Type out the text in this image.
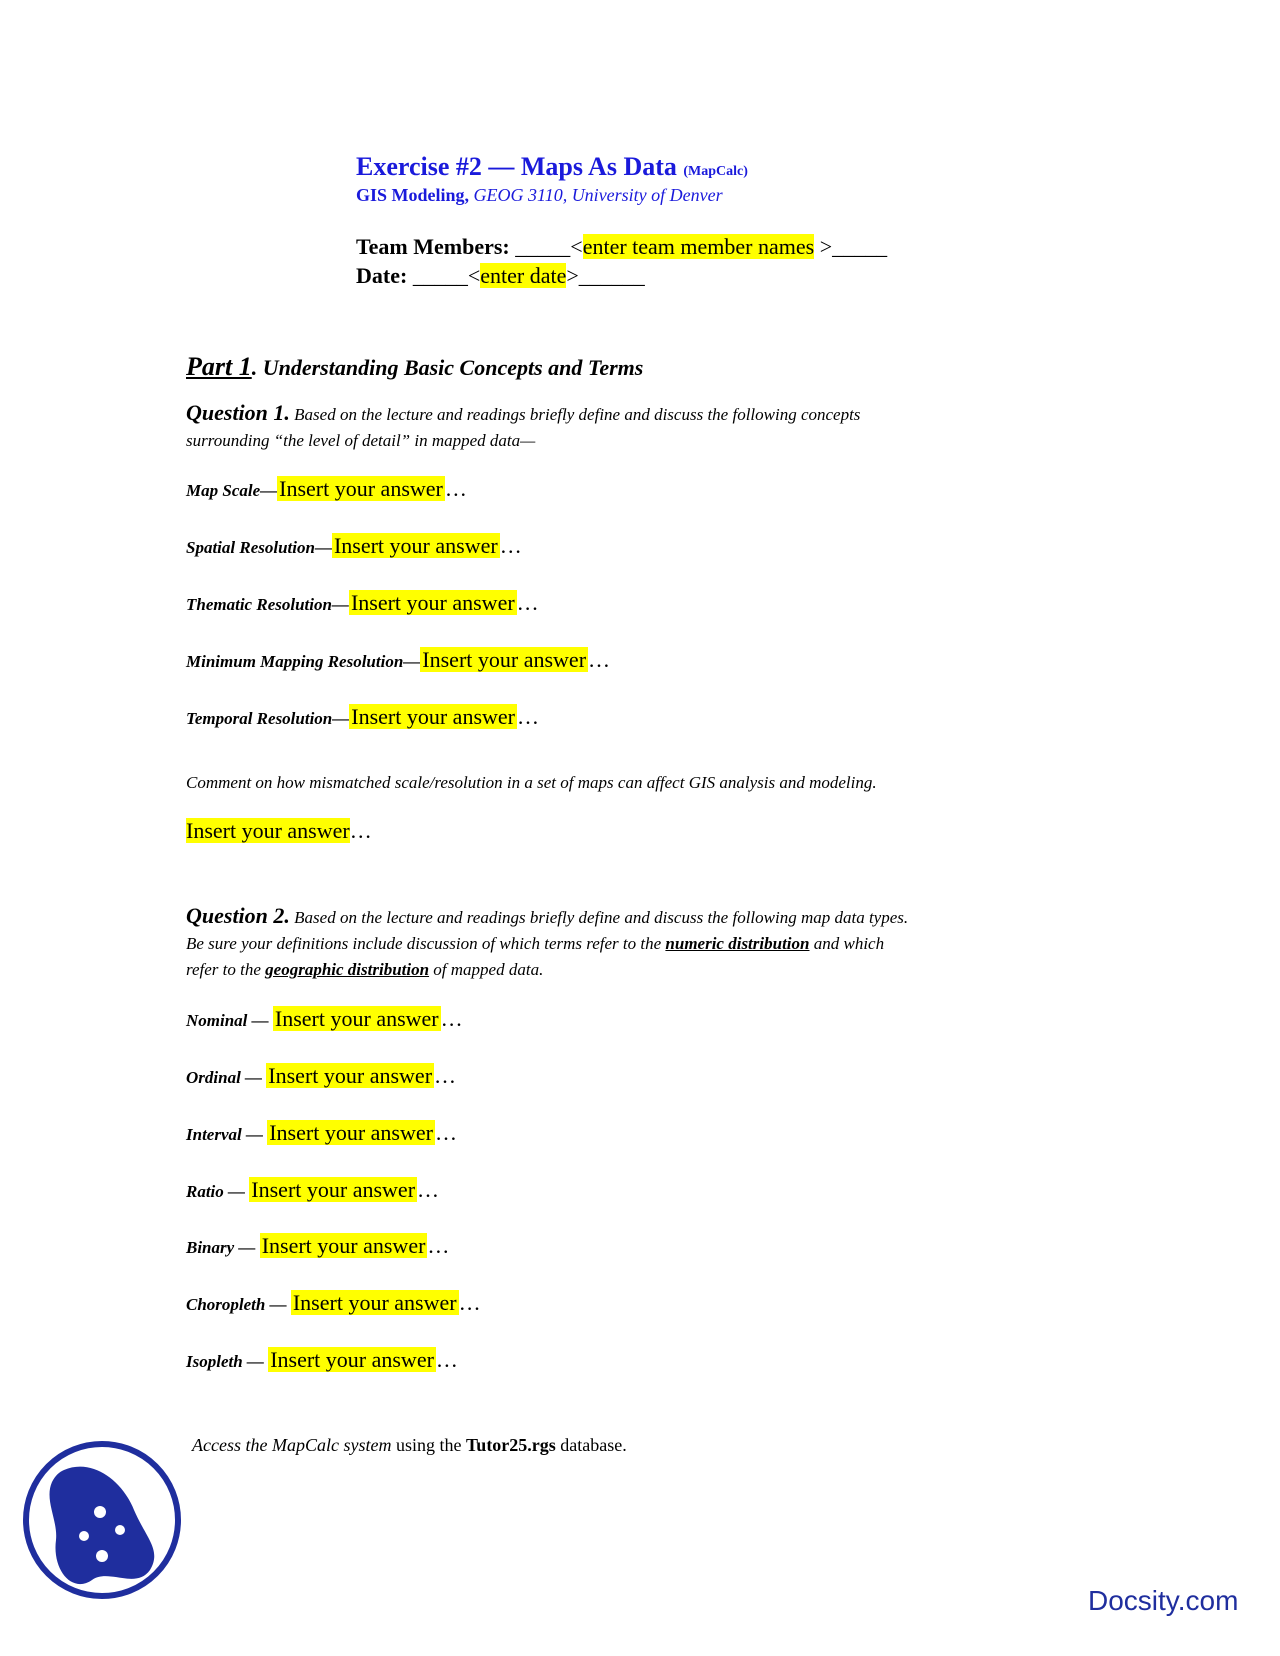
Exercise #2 — Maps As Data (MapCalc)
GIS Modeling, GEOG 3110, University of Denver
Team Members: _____<enter team member names >_____
Date: _____<enter date>______
Part 1. Understanding Basic Concepts and Terms
Question 1. Based on the lecture and readings briefly define and discuss the following concepts
surrounding “the level of detail” in mapped data—
Map Scale—Insert your answer…
Spatial Resolution—Insert your answer…
Thematic Resolution—Insert your answer…
Minimum Mapping Resolution—Insert your answer…
Temporal Resolution—Insert your answer…
Comment on how mismatched scale/resolution in a set of maps can affect GIS analysis and modeling.
Insert your answer…
Question 2. Based on the lecture and readings briefly define and discuss the following map data types.
Be sure your definitions include discussion of which terms refer to the numeric distribution and which
refer to the geographic distribution of mapped data.
Nominal — Insert your answer…
Ordinal — Insert your answer…
Interval — Insert your answer…
Ratio — Insert your answer…
Binary — Insert your answer…
Choropleth — Insert your answer…
Isopleth — Insert your answer…
Access the MapCalc system using the Tutor25.rgs database.
Docsity.com
